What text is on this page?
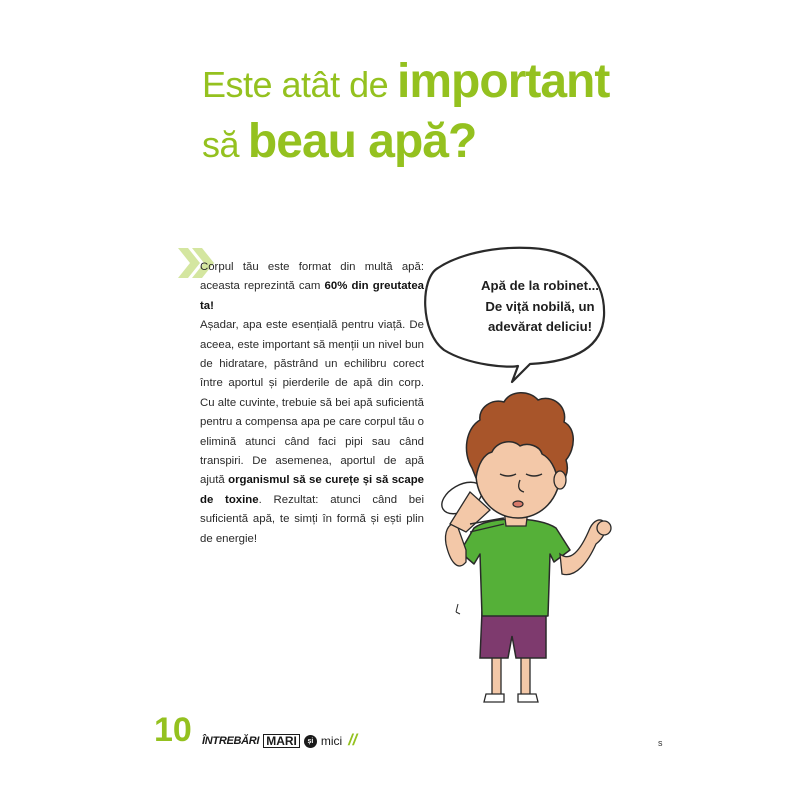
Este atât de important
să beau apă?

Corpul tău este format din multă apă: aceasta reprezintă cam 60% din greutatea ta!

Așadar, apa este esențială pentru viață. De aceea, este important să menții un nivel bun de hidratare, păstrând un echilibru corect între aportul și pierderile de apă din corp. Cu alte cuvinte, trebuie să bei apă suficientă pentru a compensa apa pe care corpul tău o elimină atunci când faci pipi sau când transpiri. De asemenea, aportul de apă ajută organismul să se curețe și să scape de toxine. Rezultat: atunci când bei suficientă apă, te simți în formă și ești plin de energie!

Apă de la robinet...
De viță nobilă, un
adevărat deliciu!
10 ÎNTREBĂRI MARI	și mici //	s
